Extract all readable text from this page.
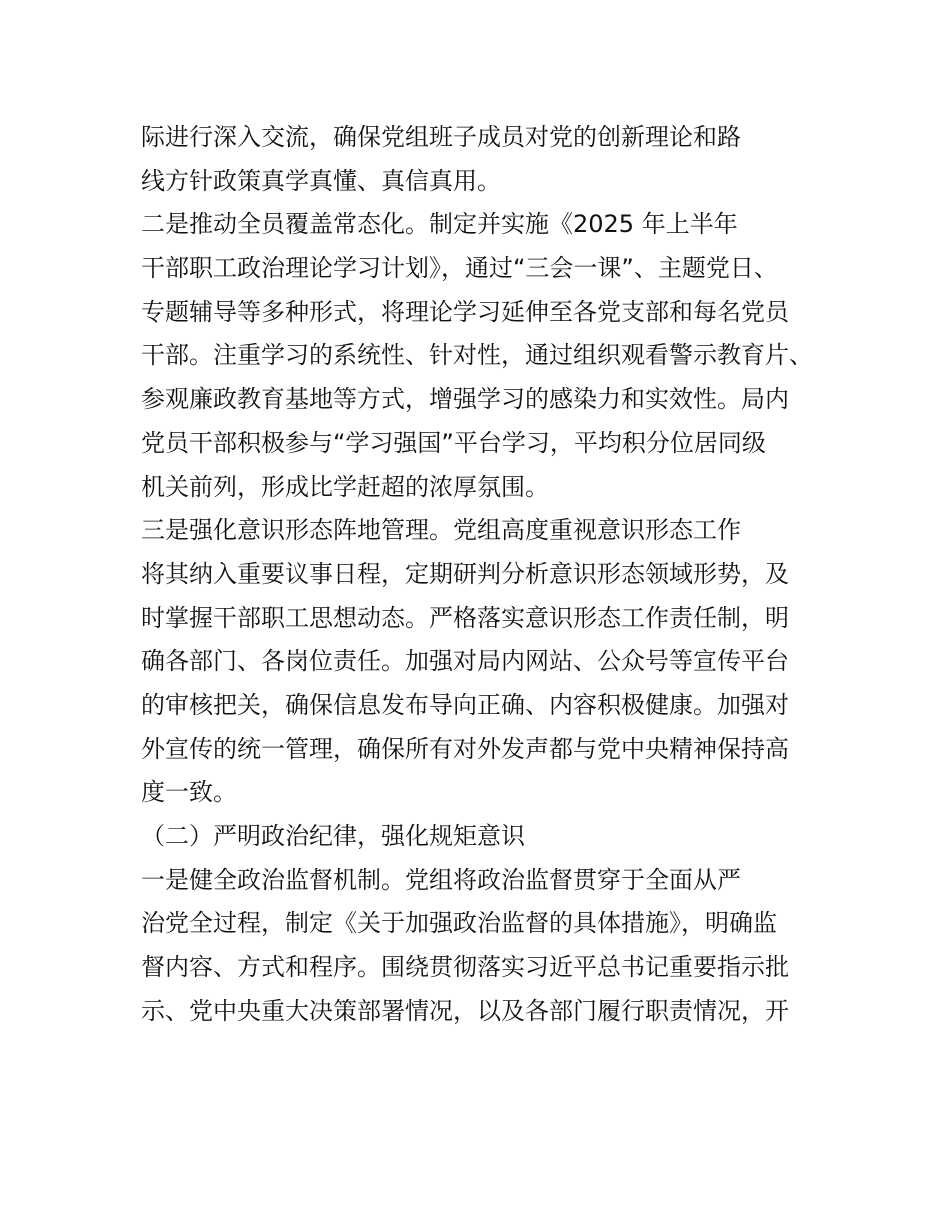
际进行深入交流，确保党组班子成员对党的创新理论和路
线方针政策真学真懂、真信真用。
二是推动全员覆盖常态化。制定并实施《2025 年上半年
干部职工政治理论学习计划》，通过“三会一课”、主题党日、
专题辅导等多种形式，将理论学习延伸至各党支部和每名党员
干部。注重学习的系统性、针对性，通过组织观看警示教育片、
参观廉政教育基地等方式，增强学习的感染力和实效性。局内
党员干部积极参与“学习强国”平台学习，平均积分位居同级
机关前列，形成比学赶超的浓厚氛围。
三是强化意识形态阵地管理。党组高度重视意识形态工作
将其纳入重要议事日程，定期研判分析意识形态领域形势，及
时掌握干部职工思想动态。严格落实意识形态工作责任制，明
确各部门、各岗位责任。加强对局内网站、公众号等宣传平台
的审核把关，确保信息发布导向正确、内容积极健康。加强对
外宣传的统一管理，确保所有对外发声都与党中央精神保持高
度一致。
（二）严明政治纪律，强化规矩意识
一是健全政治监督机制。党组将政治监督贯穿于全面从严
治党全过程，制定《关于加强政治监督的具体措施》，明确监
督内容、方式和程序。围绕贯彻落实习近平总书记重要指示批
示、党中央重大决策部署情况，以及各部门履行职责情况，开
